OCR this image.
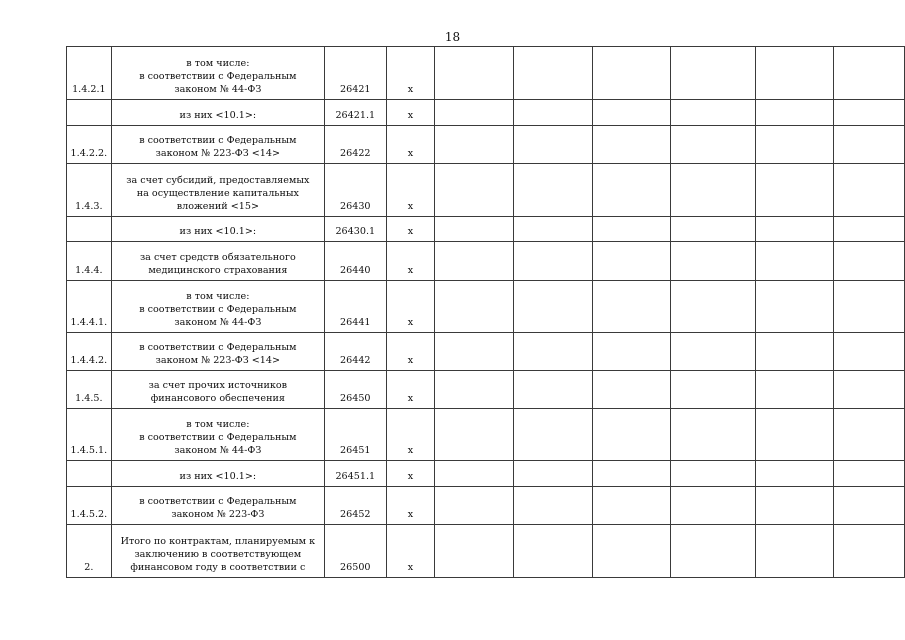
18
1.4.2.1	в том числе:
в соответствии с Федеральным
законом № 44-ФЗ	26421	x						

	из них <10.1>:	26421.1	x						
1.4.2.2.	в соответствии с Федеральным
законом № 223-ФЗ <14>	26422	x						
1.4.3.	за счет субсидий, предоставляемых
на осуществление капитальных
вложений <15>	26430	x						

	из них <10.1>:	26430.1	x						
1.4.4.	за счет средств обязательного
медицинского страхования	26440	x						
1.4.4.1.	в том числе:
в соответствии с Федеральным
законом № 44-ФЗ	26441	x						
1.4.4.2.	в соответствии с Федеральным
законом № 223-ФЗ <14>	26442	x						
1.4.5.	за счет прочих источников
финансового обеспечения	26450	x						
1.4.5.1.	в том числе:
в соответствии с Федеральным
законом № 44-ФЗ	26451	x						

	из них <10.1>:	26451.1	x						
1.4.5.2.	в соответствии с Федеральным
законом № 223-ФЗ	26452	x						
2.	Итого по контрактам, планируемым к
заключению в соответствующем
финансовом году в соответствии с	26500	x						
